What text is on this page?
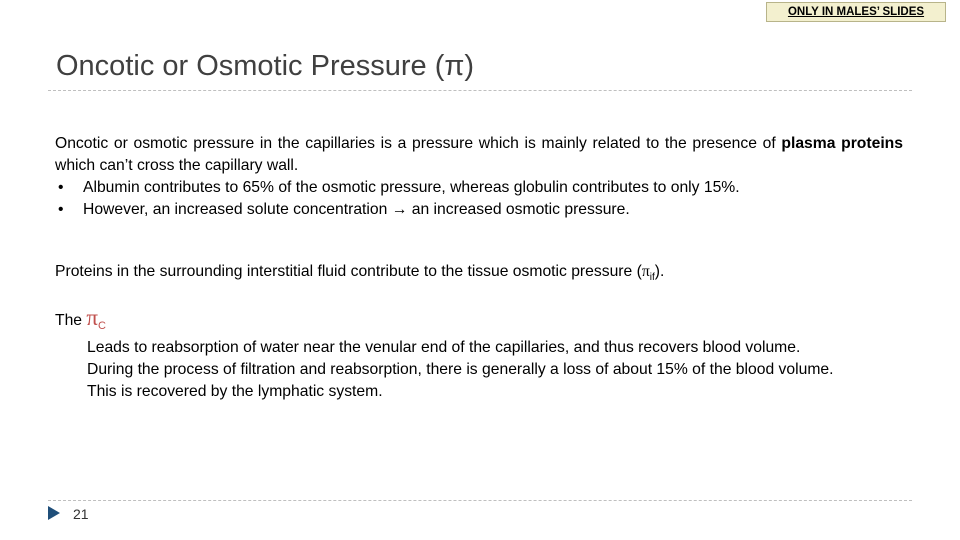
ONLY IN MALES’ SLIDES
Oncotic or Osmotic Pressure (π)
Oncotic or osmotic pressure in the capillaries is a pressure which is mainly related to the presence of plasma proteins which can’t cross the capillary wall.
•	Albumin contributes to 65% of the osmotic pressure, whereas globulin contributes to only 15%.
•	However, an increased solute concentration → an increased osmotic pressure.
Proteins in the surrounding interstitial fluid contribute to the tissue osmotic pressure $(\pi_{if})$.
The $\pi_C$
Leads to reabsorption of water near the venular end of the capillaries, and thus recovers blood volume.
During the process of filtration and reabsorption, there is generally a loss of about 15% of the blood volume.
This is recovered by the lymphatic system.
21
